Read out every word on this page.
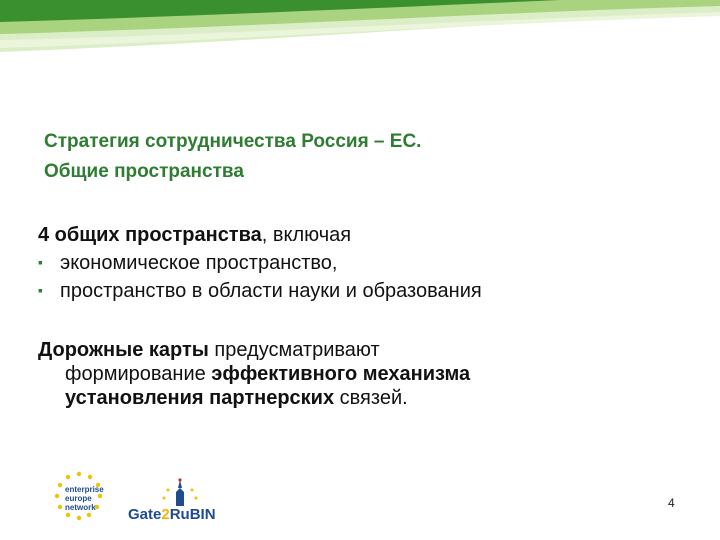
Стратегия сотрудничества Россия – ЕС.
Общие пространства
4 общих пространства, включая
▪ экономическое пространство,
▪ пространство в области науки и образования
Дорожные карты предусматривают
формирование эффективного механизма
установления партнерских связей.
enterprise
europe
network Gate2RuBIN
4
